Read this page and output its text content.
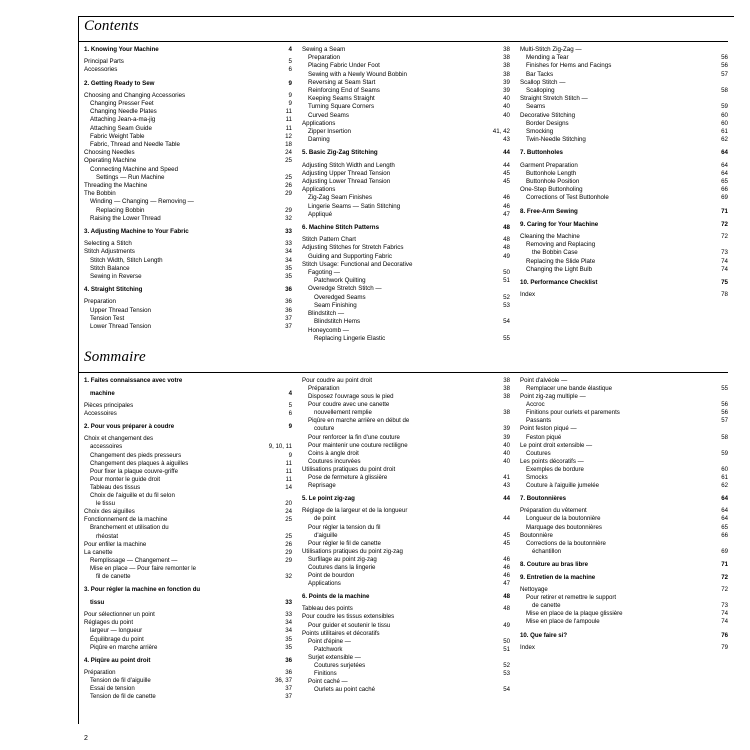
Contents
1. Knowing Your Machine	4
Principal Parts	5
Accessories	6
2. Getting Ready to Sew	9
Choosing and Changing Accessories	9
Changing Presser Feet	9
Changing Needle Plates	11
Attaching Jean-a-ma-jig	11
Attaching Seam Guide	11
Fabric Weight Table	12
Fabric, Thread and Needle Table	18
Choosing Needles	24
Operating Machine	25
Connecting Machine and Speed
Settings — Run Machine	25
Threading the Machine	26
The Bobbin	29
Winding — Changing — Removing —
Replacing Bobbin	29
Raising the Lower Thread	32
3. Adjusting Machine to Your Fabric	33
Selecting a Stitch	33
Stitch Adjustments	34
Stitch Width, Stitch Length	34
Stitch Balance	35
Sewing in Reverse	35
4. Straight Stitching	36
Preparation	36
Upper Thread Tension	36
Tension Test	37
Lower Thread Tension	37
Sewing a Seam	38
Preparation	38
Placing Fabric Under Foot	38
Sewing with a Newly Wound Bobbin	38
Reversing at Seam Start	39
Reinforcing End of Seams	39
Keeping Seams Straight	40
Turning Square Corners	40
Curved Seams	40
Applications
Zipper Insertion	41, 42
Darning	43
5. Basic Zig-Zag Stitching	44
Adjusting Stitch Width and Length	44
Adjusting Upper Thread Tension	45
Adjusting Lower Thread Tension	45
Applications
Zig-Zag Seam Finishes	46
Lingerie Seams — Satin Stitching	46
Appliqué	47
6. Machine Stitch Patterns	48
Stitch Pattern Chart	48
Adjusting Stitches for Stretch Fabrics	48
Guiding and Supporting Fabric	49
Stitch Usage: Functional and Decorative
Fagoting —	50
Patchwork Quilting	51
Overedge Stretch Stitch —
Overedged Seams	52
Seam Finishing	53
Blindstitch —
Blindstitch Hems	54
Honeycomb —
Replacing Lingerie Elastic	55
Multi-Stitch Zig-Zag —
Mending a Tear	56
Finishes for Hems and Facings	56
Bar Tacks	57
Scallop Stitch —
Scalloping	58
Straight Stretch Stitch —
Seams	59
Decorative Stitching	60
Border Designs	60
Smocking	61
Twin-Needle Stitching	62
7. Buttonholes	64
Garment Preparation	64
Buttonhole Length	64
Buttonhole Position	65
One-Step Buttonholing	66
Corrections of Test Buttonhole	69
8. Free-Arm Sewing	71
9. Caring for Your Machine	72
Cleaning the Machine	72
Removing and Replacing
the Bobbin Case	73
Replacing the Slide Plate	74
Changing the Light Bulb	74
10. Performance Checklist	75
Index	78
Sommaire
1. Faites connaissance avec votre
machine	4
Pièces principales	5
Accessoires	6
2. Pour vous préparer à coudre	9
Choix et changement des
accessoires	9, 10, 11
Changement des pieds presseurs	9
Changement des plaques à aiguilles	11
Pour fixer la plaque couvre-griffe	11
Pour monter le guide droit	11
Tableau des tissus	14
Choix de l'aiguille et du fil selon
le tissu	20
Choix des aiguilles	24
Fonctionnement de la machine	25
Branchement et utilisation du
rhéostat	25
Pour enfiler la machine	26
La canette	29
Remplissage — Changement —	29
Mise en place — Pour faire remonter le
fil de canette	32
3. Pour régler la machine en fonction du
tissu	33
Pour sélectionner un point	33
Réglages du point	34
largeur — longueur	34
Équilibrage du point	35
Piqûre en marche arrière	35
4. Piqûre au point droit	36
Préparation	36
Tension de fil d'aiguille	36, 37
Essai de tension	37
Tension de fil de canette	37
Pour coudre au point droit	38
Préparation	38
Disposez l'ouvrage sous le pied	38
Pour coudre avec une canette
nouvellement remplie	38
Piqûre en marche arrière en début de
couture	39
Pour renforcer la fin d'une couture	39
Pour maintenir une couture rectiligne	40
Coins à angle droit	40
Coutures incurvées	40
Utilisations pratiques du point droit
Pose de fermeture à glissière	41
Reprisage	43
5. Le point zig-zag	44
Réglage de la largeur et de la longueur
de point	44
Pour régler la tension du fil
d'aiguille	45
Pour régler le fil de canette	45
Utilisations pratiques du point zig-zag
Surfilage au point zig-zag	46
Coutures dans la lingerie	46
Point de bourdon	46
Applications	47
6. Points de la machine	48
Tableau des points	48
Pour coudre les tissus extensibles
Pour guider et soutenir le tissu	49
Points utilitaires et décoratifs
Point d'épine —	50
Patchwork	51
Surjet extensible —
Coutures surjetées	52
Finitions	53
Point caché —
Ourlets au point caché	54
Point d'alvéole —
Remplacer une bande élastique	55
Point zig-zag multiple —
Accroc	56
Finitions pour ourlets et parements	56
Passants	57
Point feston piqué —
Feston piqué	58
Le point droit extensible —
Coutures	59
Les points décoratifs —
Exemples de bordure	60
Smocks	61
Couture à l'aiguille jumelée	62
7. Boutonnières	64
Préparation du vêtement	64
Longueur de la boutonnière	64
Marquage des boutonnières	65
Boutonnière	66
Corrections de la boutonnière
échantillon	69
8. Couture au bras libre	71
9. Entretien de la machine	72
Nettoyage	72
Pour retirer et remettre le support
de canette	73
Mise en place de la plaque glissière	74
Mise en place de l'ampoule	74
10. Que faire si?	76
Index	79
2
